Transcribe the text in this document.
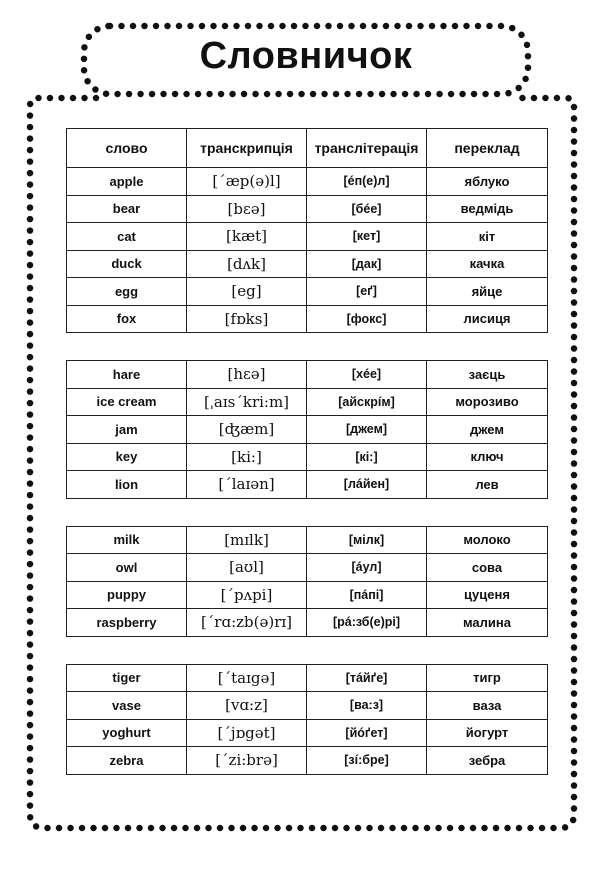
Словничок
слово	транскрипція	транслітерація	переклад
apple	[ˊæp(ə)l]	[éп(е)л]	яблуко
bear	[bɛə]	[бée]	ведмідь
cat	[kæt]	[кет]	кіт
duck	[dʌk]	[дак]	качка
egg	[eg]	[еґ]	яйце
fox	[fɒks]	[фокс]	лисиця
hare	[hɛə]	[хée]	заєць
ice cream	[ˌaɪsˊkri:m]	[айскрíм]	морозиво
jam	[ʤæm]	[джем]	джем
key	[ki:]	[кі:]	ключ
lion	[ˊlaɪən]	[лáйен]	лев
milk	[mɪlk]	[мілк]	молоко
owl	[aʊl]	[áул]	сова
puppy	[ˊpʌpi]	[пáпі]	цуценя
raspberry	[ˊrɑ:zb(ə)rɪ]	[рá:зб(е)рі]	малина
tiger	[ˊtaɪgə]	[тáйґе]	тигр
vase	[vɑ:z]	[ва:з]	ваза
yoghurt	[ˊjɒgət]	[йóґет]	йогурт
zebra	[ˊzi:brə]	[зí:бре]	зебра
